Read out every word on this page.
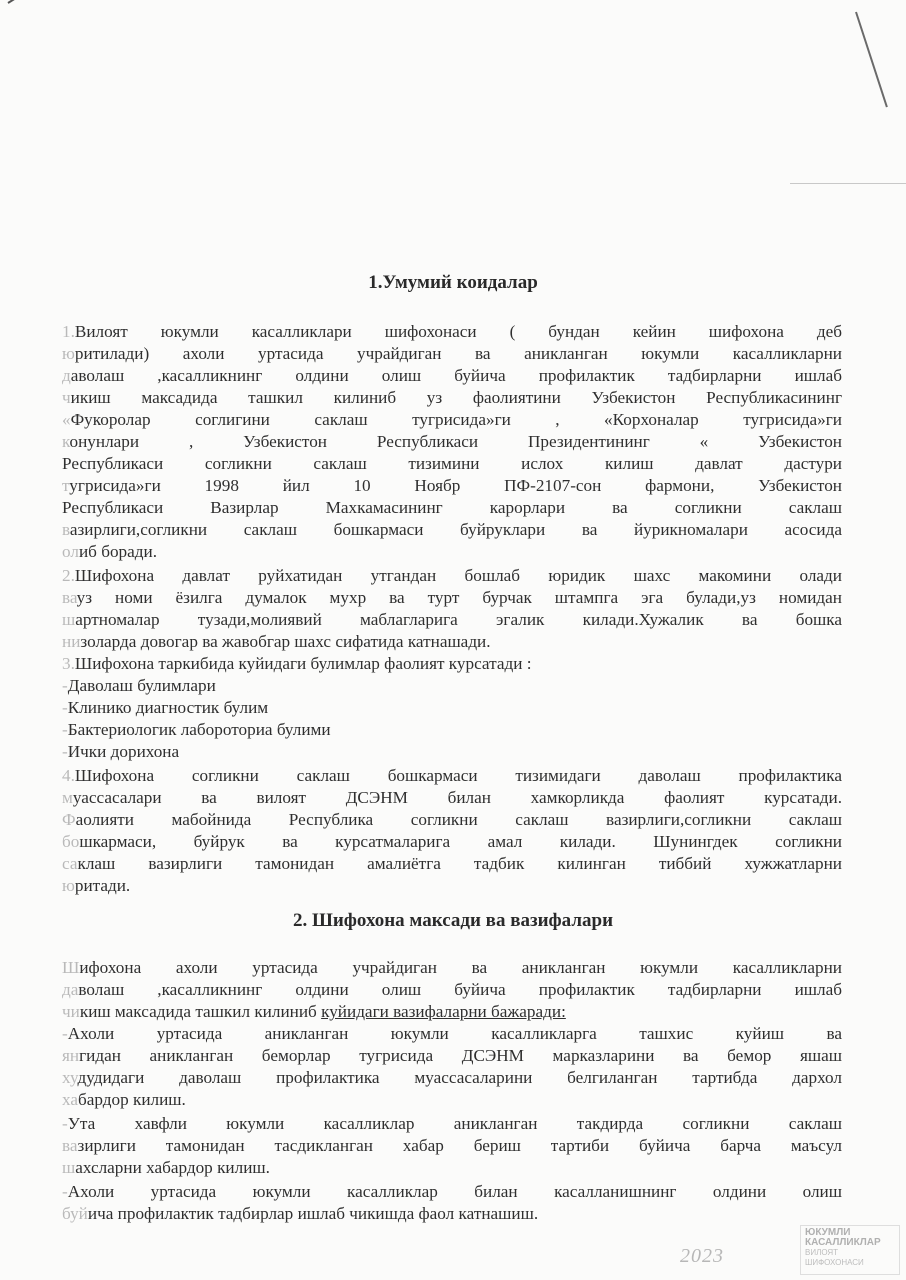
1.Умумий коидалар
1.Вилоят юкумли касалликлари шифохонаси ( бундан кейин шифохона деб
юритилади) ахоли уртасида учрайдиган ва аникланган юкумли касалликларни
даволаш ,касалликнинг олдини олиш буйича профилактик тадбирларни ишлаб
чикиш максадида ташкил килиниб уз фаолиятини Узбекистон Республикасининг
«Фукоролар соглигини саклаш тугрисида»ги , «Корхоналар тугрисида»ги
конунлари , Узбекистон Республикаси Президентининг « Узбекистон
Республикаси согликни саклаш тизимини ислох килиш давлат дастури
тугрисида»ги 1998 йил 10 Ноябр ПФ-2107-сон фармони, Узбекистон
Республикаси Вазирлар Махкамасининг карорлари ва согликни саклаш
вазирлиги,согликни саклаш бошкармаси буйруклари ва йурикномалари асосида
олиб боради.
2.Шифохона давлат руйхатидан утгандан бошлаб юридик шахс макомини олади
вауз номи ёзилга думалок мухр ва турт бурчак штампга эга булади,уз номидан
шартномалар тузади,молиявий маблагларига эгалик килади.Хужалик ва бошка
низоларда довогар ва жавобгар шахс сифатида катнашади.
3.Шифохона таркибида куйидаги булимлар фаолият курсатади :
-Даволаш булимлари
-Клинико диагностик булим
-Бактериологик лабороториа булими
-Ички дорихона
4.Шифохона согликни саклаш бошкармаси тизимидаги даволаш профилактика
муассасалари ва вилоят ДСЭНМ билан хамкорликда фаолият курсатади.
Фаолияти мабойнида Республика согликни саклаш вазирлиги,согликни саклаш
бошкармаси, буйрук ва курсатмаларига амал килади. Шунингдек согликни
саклаш вазирлиги тамонидан амалиётга тадбик килинган тиббий хужжатларни
юритади.
2. Шифохона максади ва вазифалари
Шифохона ахоли уртасида учрайдиган ва аникланган юкумли касалликларни
даволаш ,касалликнинг олдини олиш буйича профилактик тадбирларни ишлаб
чикиш максадида ташкил килиниб куйидаги вазифаларни бажаради:
-Ахоли уртасида аникланган юкумли касалликларга ташхис куйиш ва
янгидан аникланган беморлар тугрисида ДСЭНМ марказларини ва бемор яшаш
худудидаги даволаш профилактика муассасаларини белгиланган тартибда дархол
хабардор килиш.
-Ута хавфли юкумли касалликлар аникланган такдирда согликни саклаш
вазирлиги тамонидан тасдикланган хабар бериш тартиби буйича барча маъсул
шахсларни хабардор килиш.
-Ахоли уртасида юкумли касалликлар билан касалланишнинг олдини олиш
буйича профилактик тадбирлар ишлаб чикишда фаол катнашиш.
ЮКУМЛИ КАСАЛЛИКЛАР
ВИЛОЯТ
ШИФОХОНАСИ
2023
